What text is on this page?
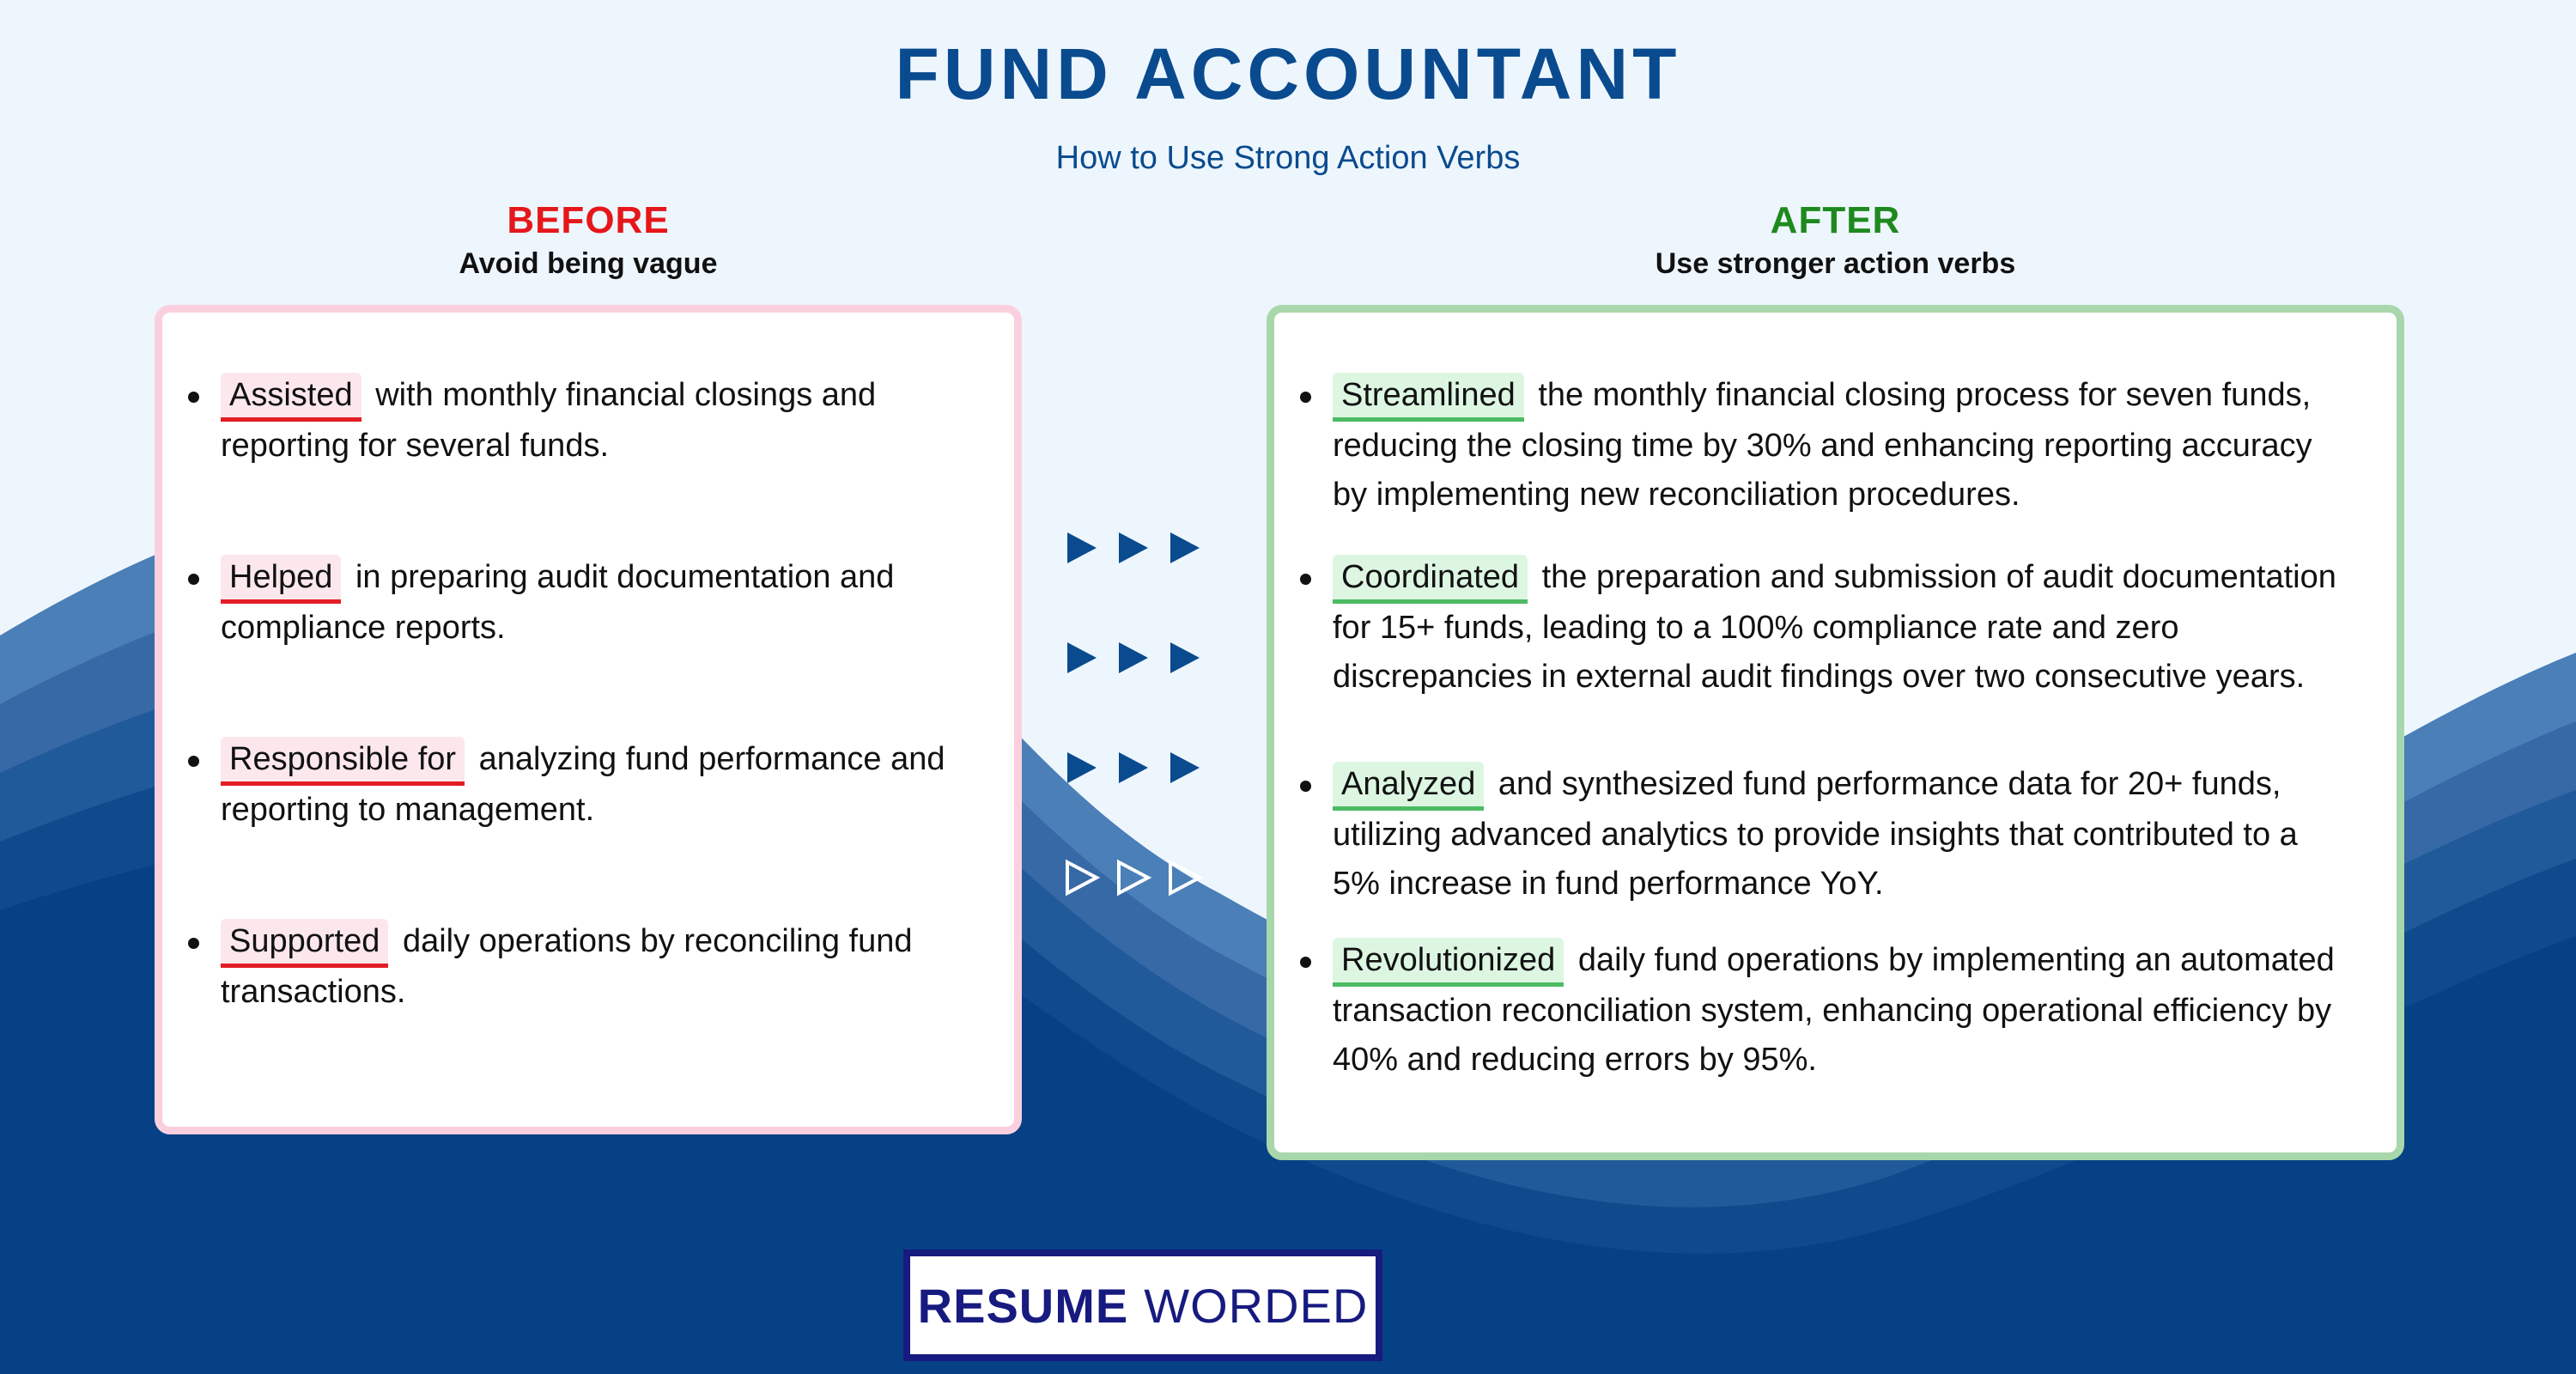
FUND ACCOUNTANT
How to Use Strong Action Verbs
BEFORE
Avoid being vague
AFTER
Use stronger action verbs
Assisted with monthly financial closings and reporting for several funds.
Helped in preparing audit documentation and compliance reports.
Responsible for analyzing fund performance and reporting to management.
Supported daily operations by reconciling fund transactions.
Streamlined the monthly financial closing process for seven funds, reducing the closing time by 30% and enhancing reporting accuracy by implementing new reconciliation procedures.
Coordinated the preparation and submission of audit documentation for 15+ funds, leading to a 100% compliance rate and zero discrepancies in external audit findings over two consecutive years.
Analyzed and synthesized fund performance data for 20+ funds, utilizing advanced analytics to provide insights that contributed to a 5% increase in fund performance YoY.
Revolutionized daily fund operations by implementing an automated transaction reconciliation system, enhancing operational efficiency by 40% and reducing errors by 95%.
RESUME WORDED
